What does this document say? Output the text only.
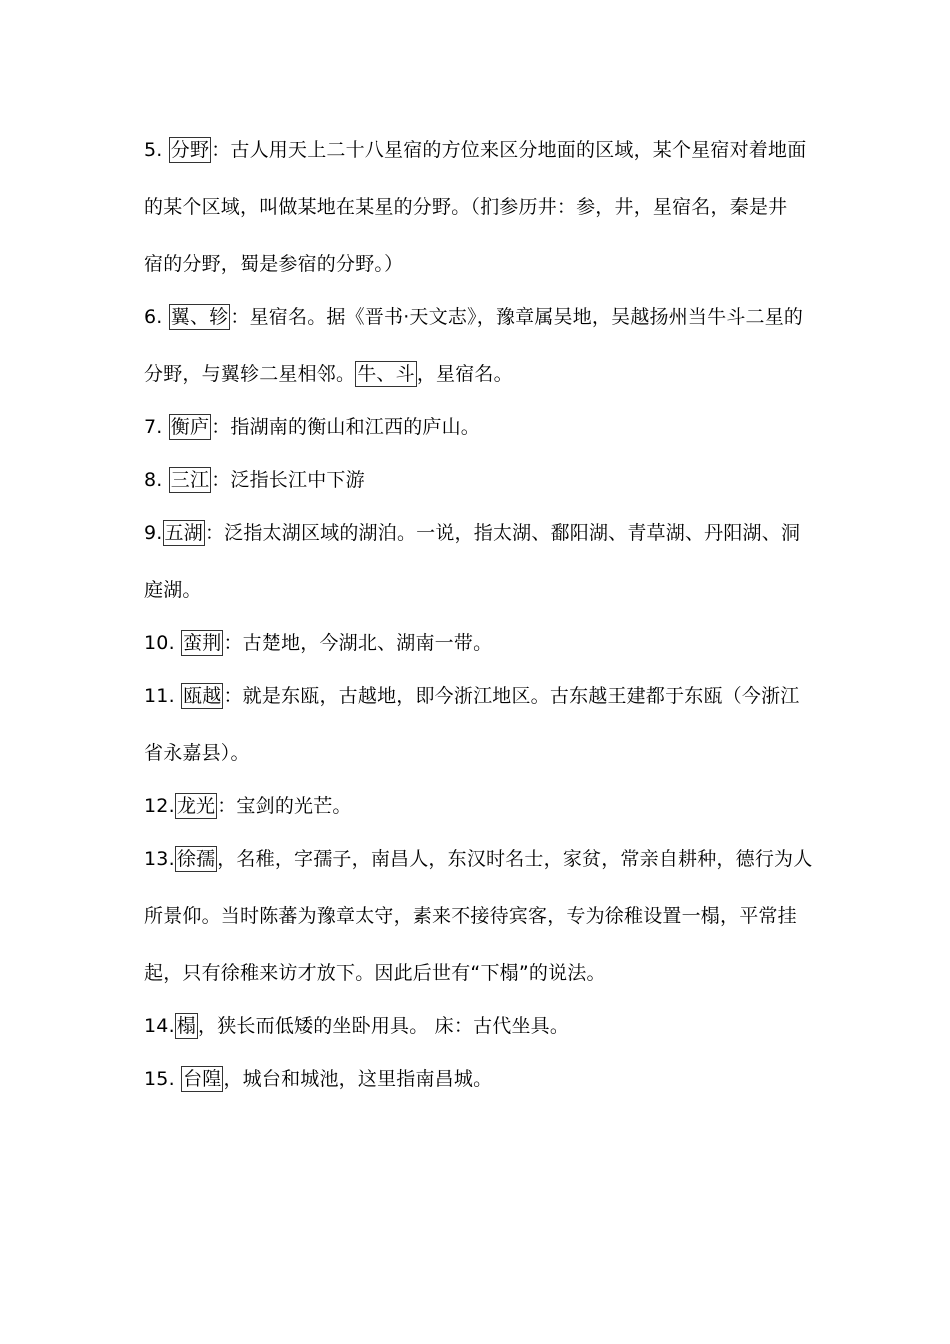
5. 分野 ：古人用天上二十八星宿的方位来区分地面的区域，某个星宿对着地面
的某个区域，叫做某地在某星的分野。（扪参历井：参，井，星宿名，秦是井
宿的分野，蜀是参宿的分野。）
6. 翼、轸 ：星宿名。据《晋书·天文志》，豫章属吴地，吴越扬州当牛斗二星的
分野，与翼轸二星相邻。 牛、斗 ，星宿名。
7. 衡庐 ：指湖南的衡山和江西的庐山。
8. 三江 ：泛指长江中下游
9. 五湖 ：泛指太湖区域的湖泊。一说，指太湖、鄱阳湖、青草湖、丹阳湖、洞
庭湖。
10. 蛮荆 ：古楚地，今湖北、湖南一带。
11. 瓯越 ：就是东瓯，古越地，即今浙江地区。古东越王建都于东瓯（今浙江
省永嘉县）。
12. 龙光 ：宝剑的光芒。
13. 徐孺 ，名稚，字孺子，南昌人，东汉时名士，家贫，常亲自耕种，德行为人
所景仰。当时陈蕃为豫章太守，素来不接待宾客，专为徐稚设置一榻，平常挂
起，只有徐稚来访才放下。因此后世有“下榻”的说法。
14. 榻 ，狭长而低矮的坐卧用具。 床：古代坐具。
15. 台隍 ，城台和城池，这里指南昌城。
